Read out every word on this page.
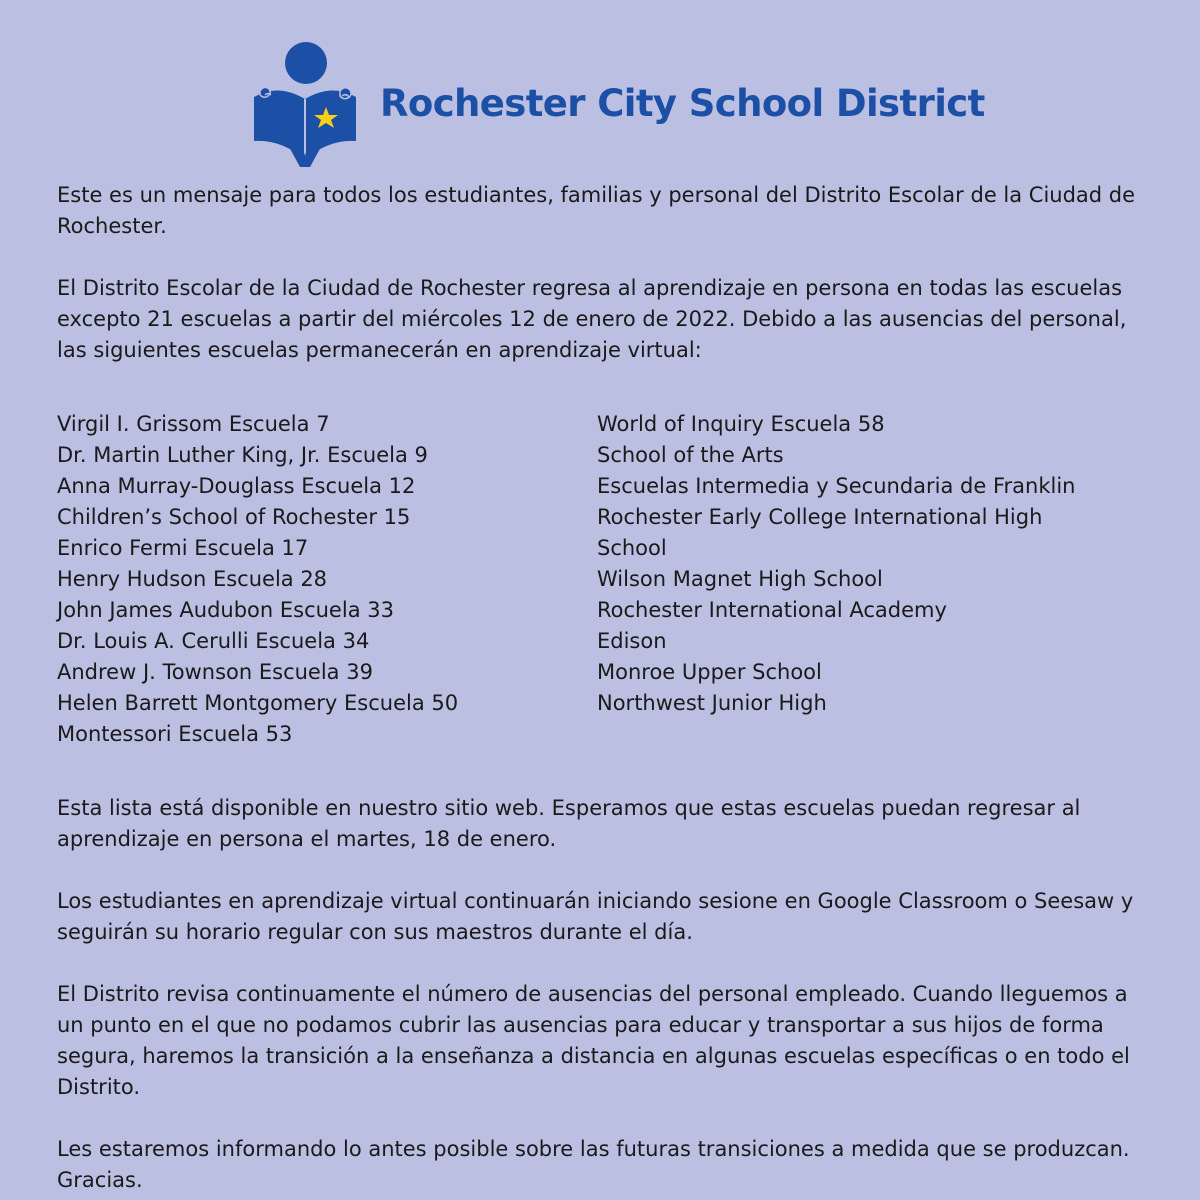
Rochester City School District

Este es un mensaje para todos los estudiantes, familias y personal del Distrito Escolar de la Ciudad de Rochester.

El Distrito Escolar de la Ciudad de Rochester regresa al aprendizaje en persona en todas las escuelas excepto 21 escuelas a partir del miércoles 12 de enero de 2022. Debido a las ausencias del personal, las siguientes escuelas permanecerán en aprendizaje virtual:

Virgil I. Grissom Escuela 7
Dr. Martin Luther King, Jr. Escuela 9
Anna Murray-Douglass Escuela 12
Children’s School of Rochester 15
Enrico Fermi Escuela 17
Henry Hudson Escuela 28
John James Audubon Escuela 33
Dr. Louis A. Cerulli Escuela 34
Andrew J. Townson Escuela 39
Helen Barrett Montgomery Escuela 50
Montessori Escuela 53
World of Inquiry Escuela 58
School of the Arts
Escuelas Intermedia y Secundaria de Franklin
Rochester Early College International High School
Wilson Magnet High School
Rochester International Academy
Edison
Monroe Upper School
Northwest Junior High

Esta lista está disponible en nuestro sitio web. Esperamos que estas escuelas puedan regresar al aprendizaje en persona el martes, 18 de enero.

Los estudiantes en aprendizaje virtual continuarán iniciando sesione en Google Classroom o Seesaw y seguirán su horario regular con sus maestros durante el día.

El Distrito revisa continuamente el número de ausencias del personal empleado. Cuando lleguemos a un punto en el que no podamos cubrir las ausencias para educar y transportar a sus hijos de forma segura, haremos la transición a la enseñanza a distancia en algunas escuelas específicas o en todo el Distrito.

Les estaremos informando lo antes posible sobre las futuras transiciones a medida que se produzcan. Gracias.
